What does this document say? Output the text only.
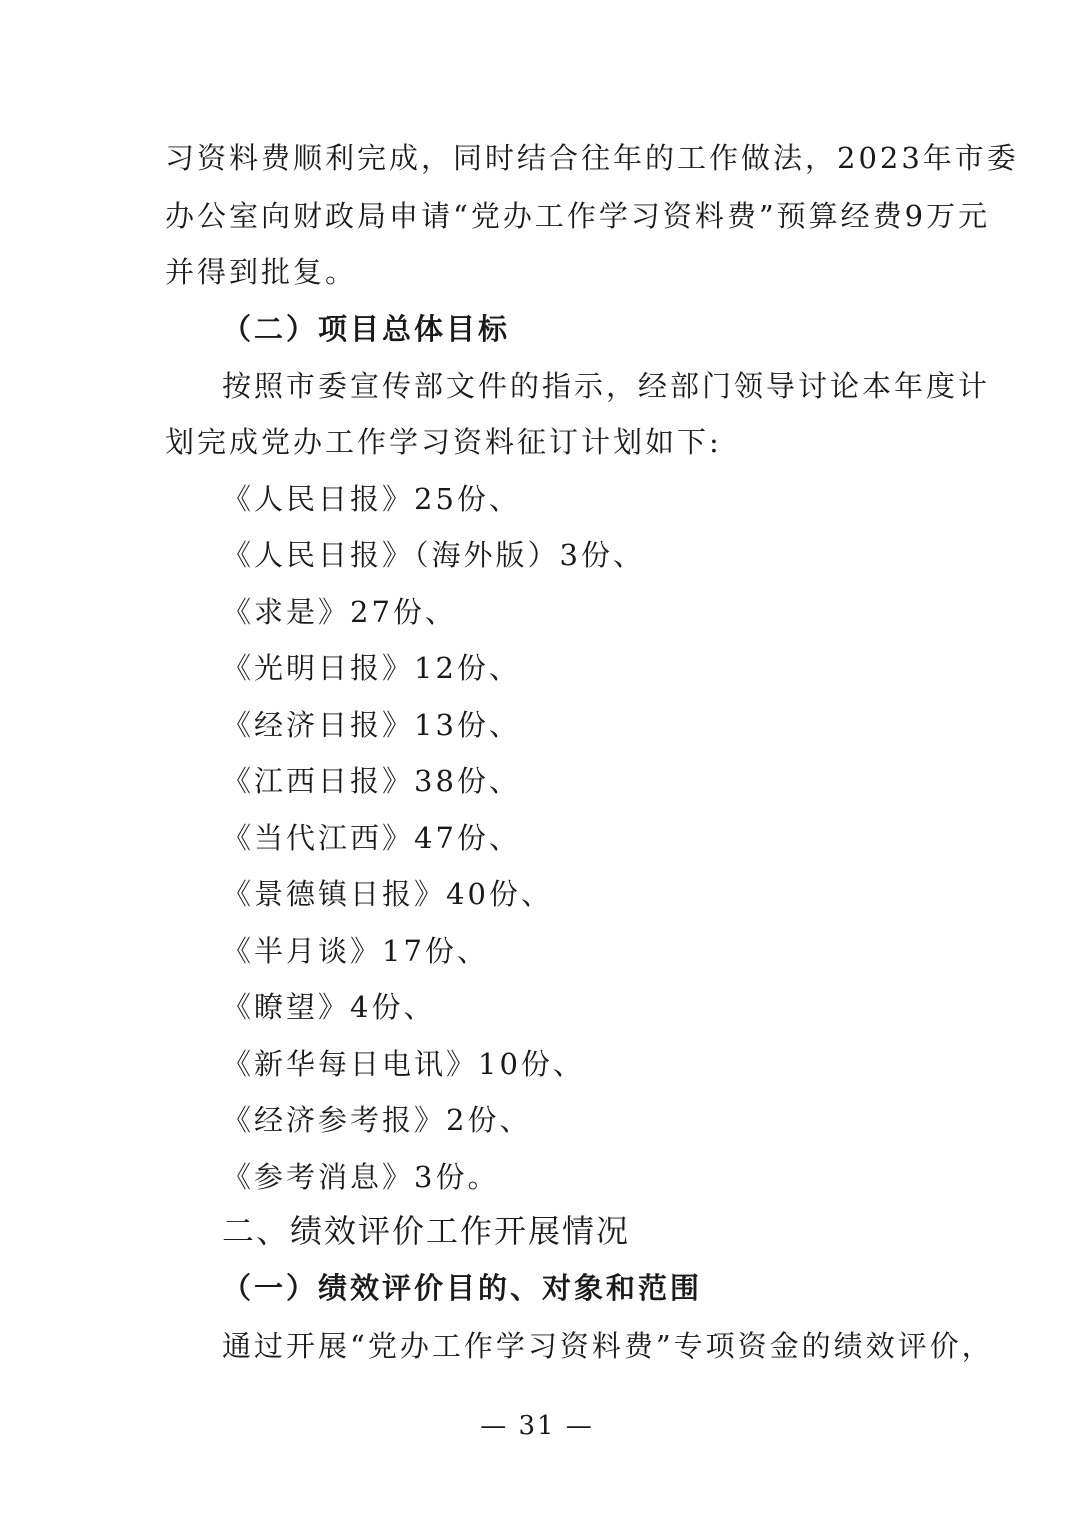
习资料费顺利完成，同时结合往年的工作做法，2023年市委
办公室向财政局申请“党办工作学习资料费”预算经费9万元
并得到批复。
（二）项目总体目标
按照市委宣传部文件的指示，经部门领导讨论本年度计
划完成党办工作学习资料征订计划如下:
《人民日报》25份、
《人民日报》（海外版）3份、
《求是》27份、
《光明日报》12份、
《经济日报》13份、
《江西日报》38份、
《当代江西》47份、
《景德镇日报》40份、
《半月谈》17份、
《瞭望》4份、
《新华每日电讯》10份、
《经济参考报》2份、
《参考消息》3份。
二、绩效评价工作开展情况
（一）绩效评价目的、对象和范围
通过开展“党办工作学习资料费”专项资金的绩效评价，
— 31 —
